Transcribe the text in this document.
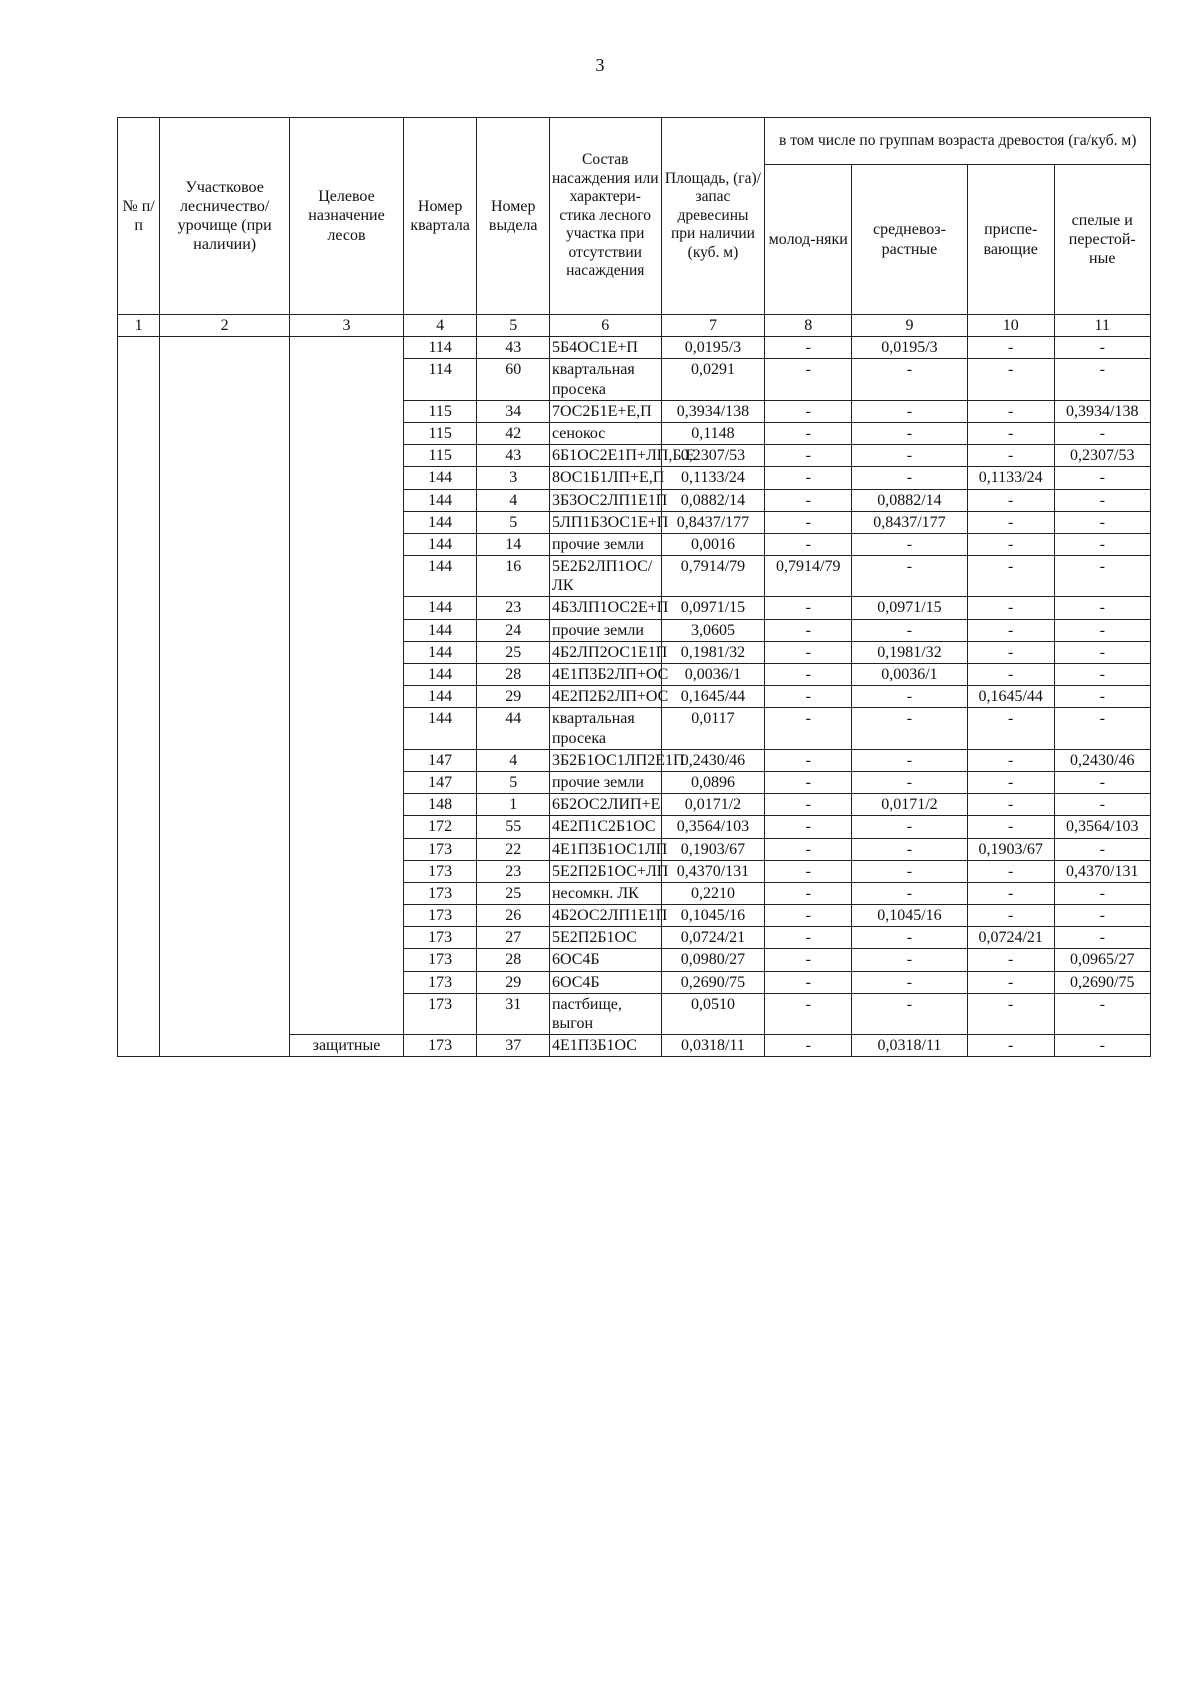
3
№ п/п	Участковое лесничество/ урочище (при наличии)	Целевое назначение лесов	Номер квартала	Номер выдела	Состав насаждения или характери-стика лесного участка при отсутствии насаждения	Площадь, (га)/запас древесины при наличии (куб. м)	в том числе по группам возраста древостоя (га/куб. м)			
							молод-няки	средневоз-растные	приспе-вающие	спелые и перестой-ные
1	2	3	4	5	6	7	8	9	10	11
			114	43	5Б4ОС1Е+П	0,0195/3	-	0,0195/3	-	-
			114	60	квартальная просека	0,0291	-	-	-	-
			115	34	7ОС2Б1Е+Е,П	0,3934/138	-	-	-	0,3934/138
			115	42	сенокос	0,1148	-	-	-	-
			115	43	6Б1ОС2Е1П+ЛП,Б.Е	0,2307/53	-	-	-	0,2307/53
			144	3	8ОС1Б1ЛП+Е,П	0,1133/24	-	-	0,1133/24	-
			144	4	3Б3ОС2ЛП1Е1П	0,0882/14	-	0,0882/14	-	-
			144	5	5ЛП1Б3ОС1Е+П	0,8437/177	-	0,8437/177	-	-
			144	14	прочие земли	0,0016	-	-	-	-
			144	16	5Е2Б2ЛП1ОС/ЛК	0,7914/79	0,7914/79	-	-	-
			144	23	4Б3ЛП1ОС2Е+П	0,0971/15	-	0,0971/15	-	-
			144	24	прочие земли	3,0605	-	-	-	-
			144	25	4Б2ЛП2ОС1Е1П	0,1981/32	-	0,1981/32	-	-
			144	28	4Е1П3Б2ЛП+ОС	0,0036/1	-	0,0036/1	-	-
			144	29	4Е2П2Б2ЛП+ОС	0,1645/44	-	-	0,1645/44	-
			144	44	квартальная просека	0,0117	-	-	-	-
			147	4	3Б2Б1ОС1ЛП2Е1П	0,2430/46	-	-	-	0,2430/46
			147	5	прочие земли	0,0896	-	-	-	-
			148	1	6Б2ОС2ЛИП+Е	0,0171/2	-	0,0171/2	-	-
			172	55	4Е2П1С2Б1ОС	0,3564/103	-	-	-	0,3564/103
			173	22	4Е1П3Б1ОС1ЛП	0,1903/67	-	-	0,1903/67	-
			173	23	5Е2П2Б1ОС+ЛП	0,4370/131	-	-	-	0,4370/131
			173	25	несомкн. ЛК	0,2210	-	-	-	-
			173	26	4Б2ОС2ЛП1Е1П	0,1045/16	-	0,1045/16	-	-
			173	27	5Е2П2Б1ОС	0,0724/21	-	-	0,0724/21	-
			173	28	6ОС4Б	0,0980/27	-	-	-	0,0965/27
			173	29	6ОС4Б	0,2690/75	-	-	-	0,2690/75
			173	31	пастбище, выгон	0,0510	-	-	-	-
		защитные	173	37	4Е1П3Б1ОС	0,0318/11	-	0,0318/11	-	-
